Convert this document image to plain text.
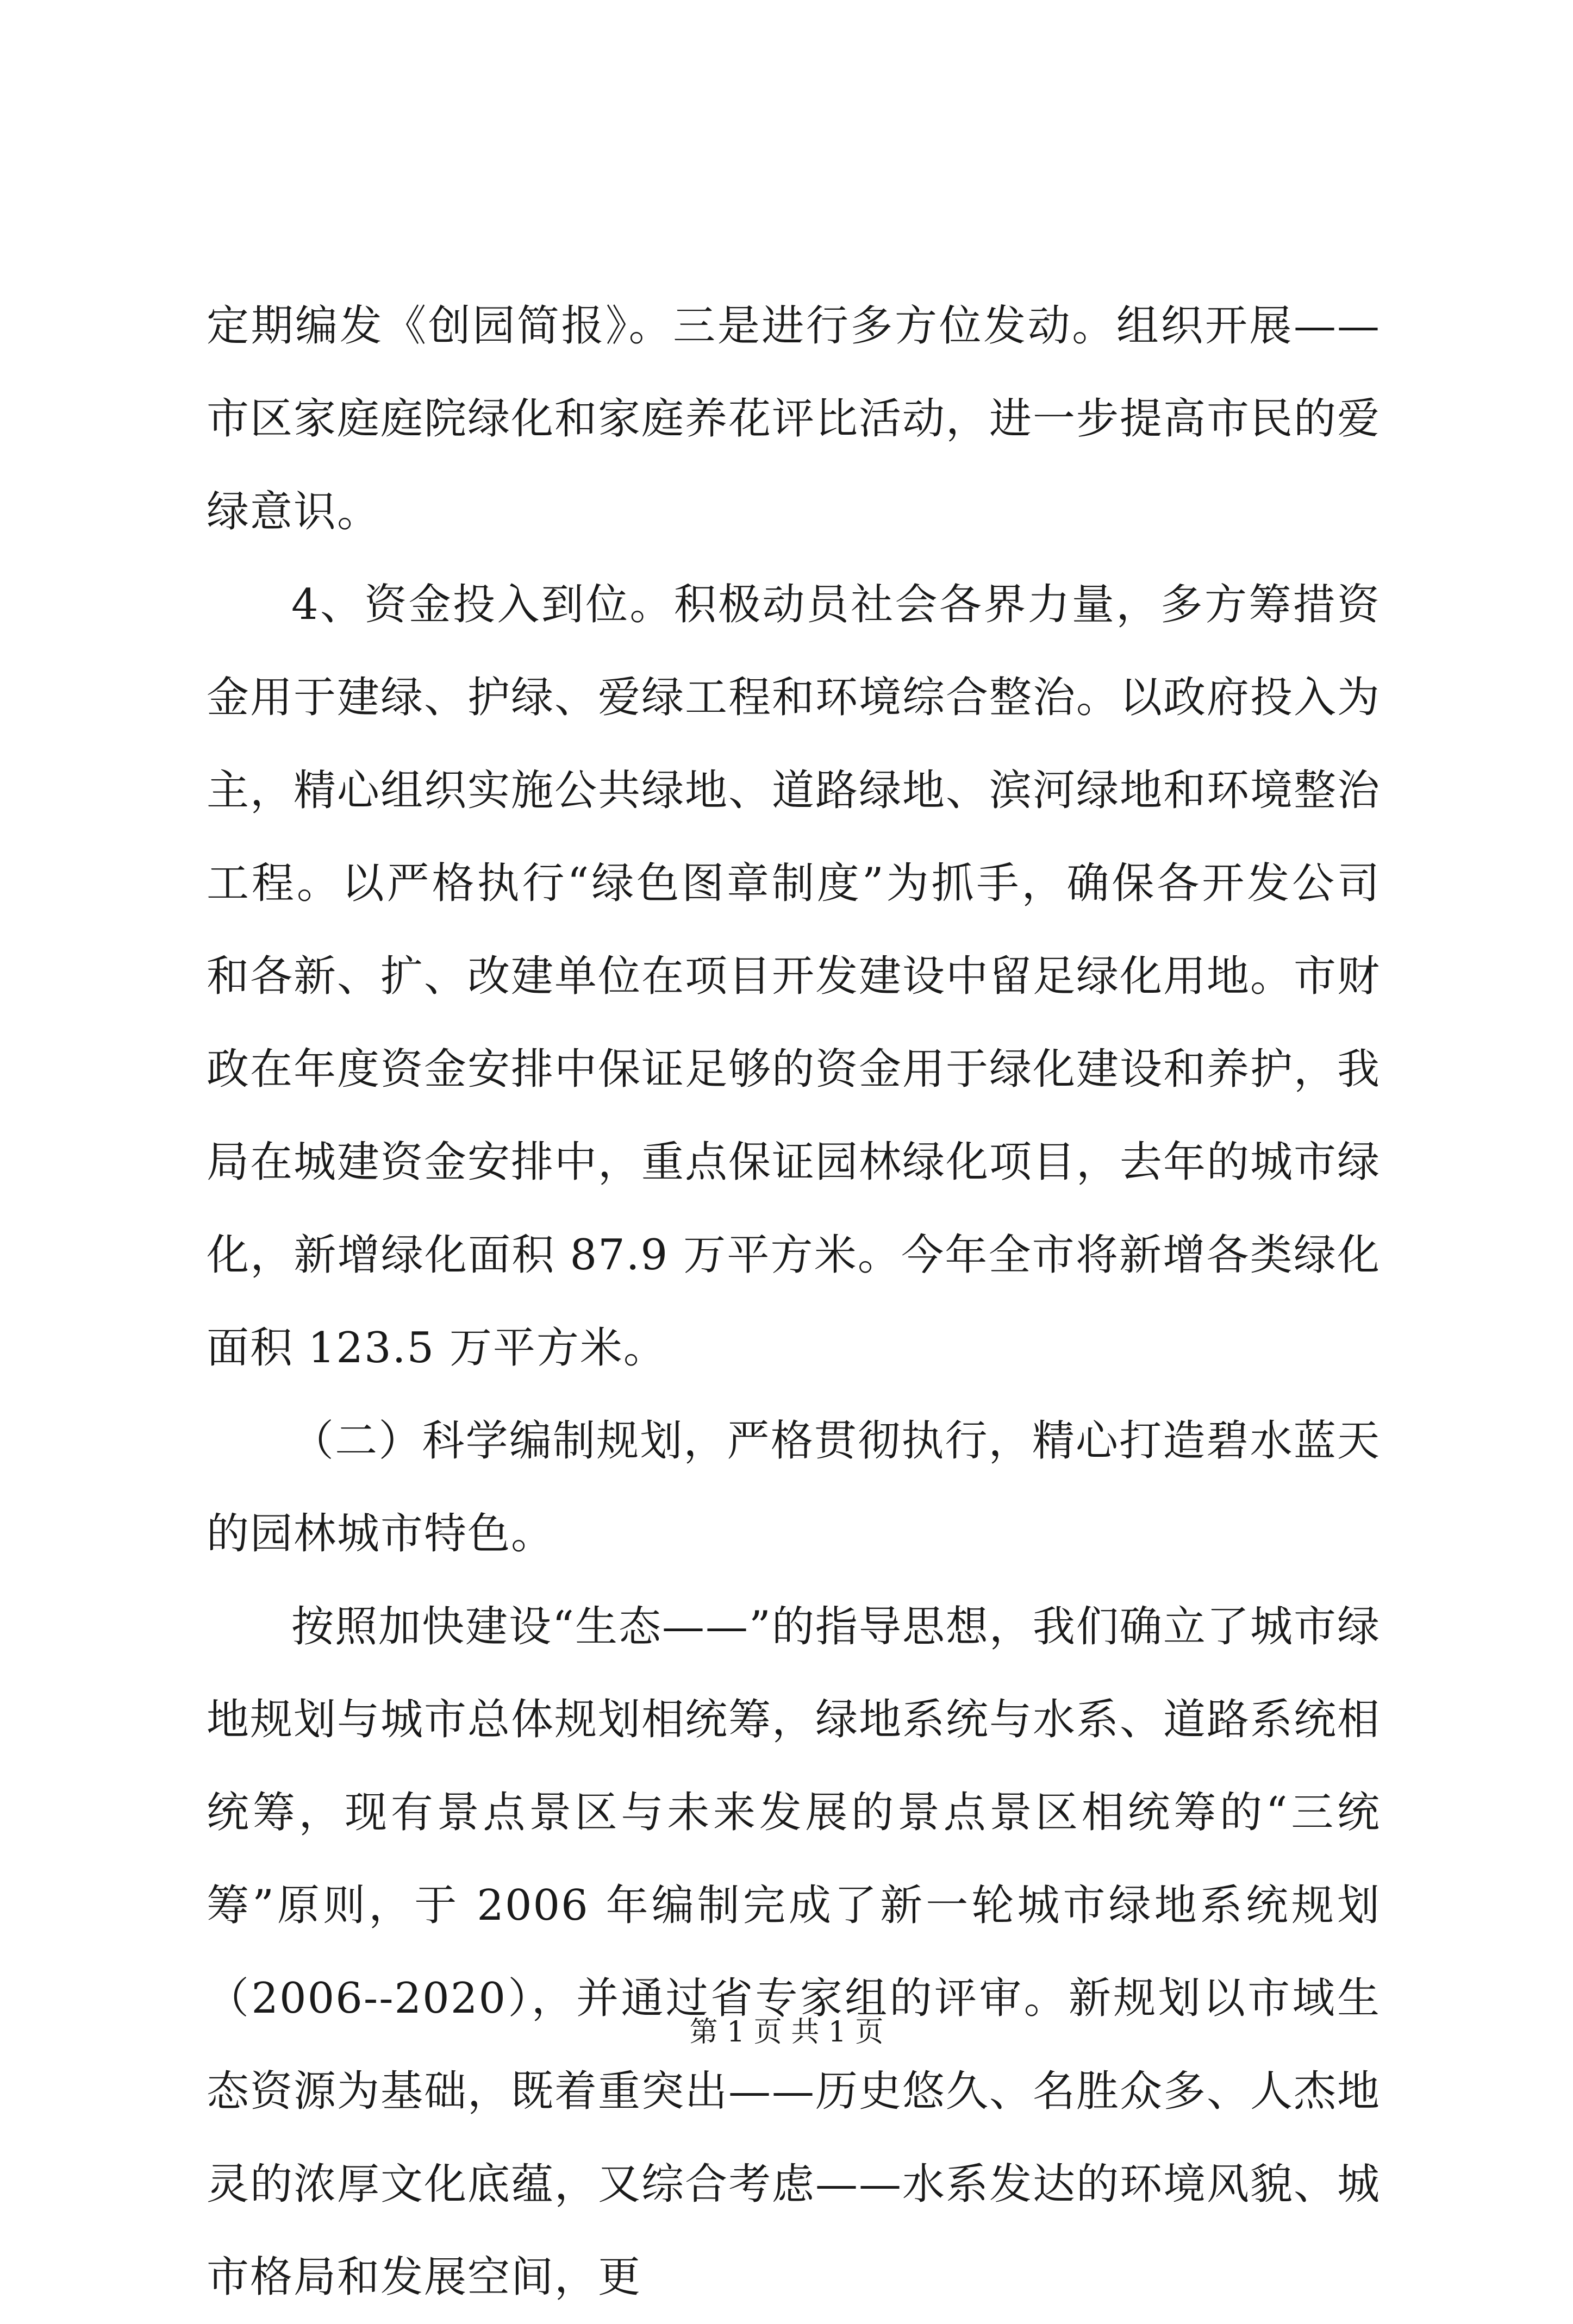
定期编发《创园简报》。三是进行多方位发动。组织开展——市区家庭庭院绿化和家庭养花评比活动，进一步提高市民的爱绿意识。

4、资金投入到位。积极动员社会各界力量，多方筹措资金用于建绿、护绿、爱绿工程和环境综合整治。以政府投入为主，精心组织实施公共绿地、道路绿地、滨河绿地和环境整治工程。以严格执行“绿色图章制度”为抓手，确保各开发公司和各新、扩、改建单位在项目开发建设中留足绿化用地。市财政在年度资金安排中保证足够的资金用于绿化建设和养护，我局在城建资金安排中，重点保证园林绿化项目，去年的城市绿化，新增绿化面积 87.9 万平方米。今年全市将新增各类绿化面积 123.5 万平方米。

（二）科学编制规划，严格贯彻执行，精心打造碧水蓝天的园林城市特色。

按照加快建设“生态——”的指导思想，我们确立了城市绿地规划与城市总体规划相统筹，绿地系统与水系、道路系统相统筹，现有景点景区与未来发展的景点景区相统筹的“三统筹”原则，于 2006 年编制完成了新一轮城市绿地系统规划（2006--2020），并通过省专家组的评审。新规划以市域生态资源为基础，既着重突出——历史悠久、名胜众多、人杰地灵的浓厚文化底蕴，又综合考虑——水系发达的环境风貌、城市格局和发展空间，更

第 1 页 共 1 页
